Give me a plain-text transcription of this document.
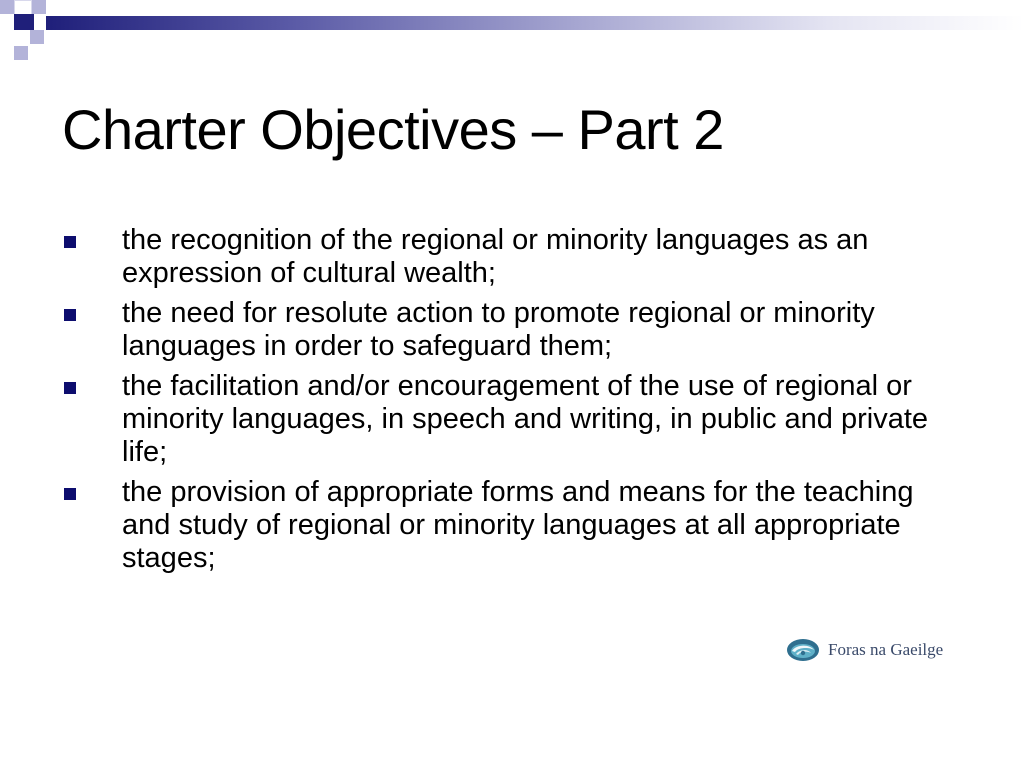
Charter Objectives – Part 2
the recognition of the regional or minority languages as an expression of cultural wealth;
the need for resolute action to promote regional or minority languages in order to safeguard them;
the facilitation and/or encouragement of the use of regional or minority languages, in speech and writing, in public and private life;
the provision of appropriate forms and means for the teaching and study of regional or minority languages at all appropriate stages;
Foras na Gaeilge
